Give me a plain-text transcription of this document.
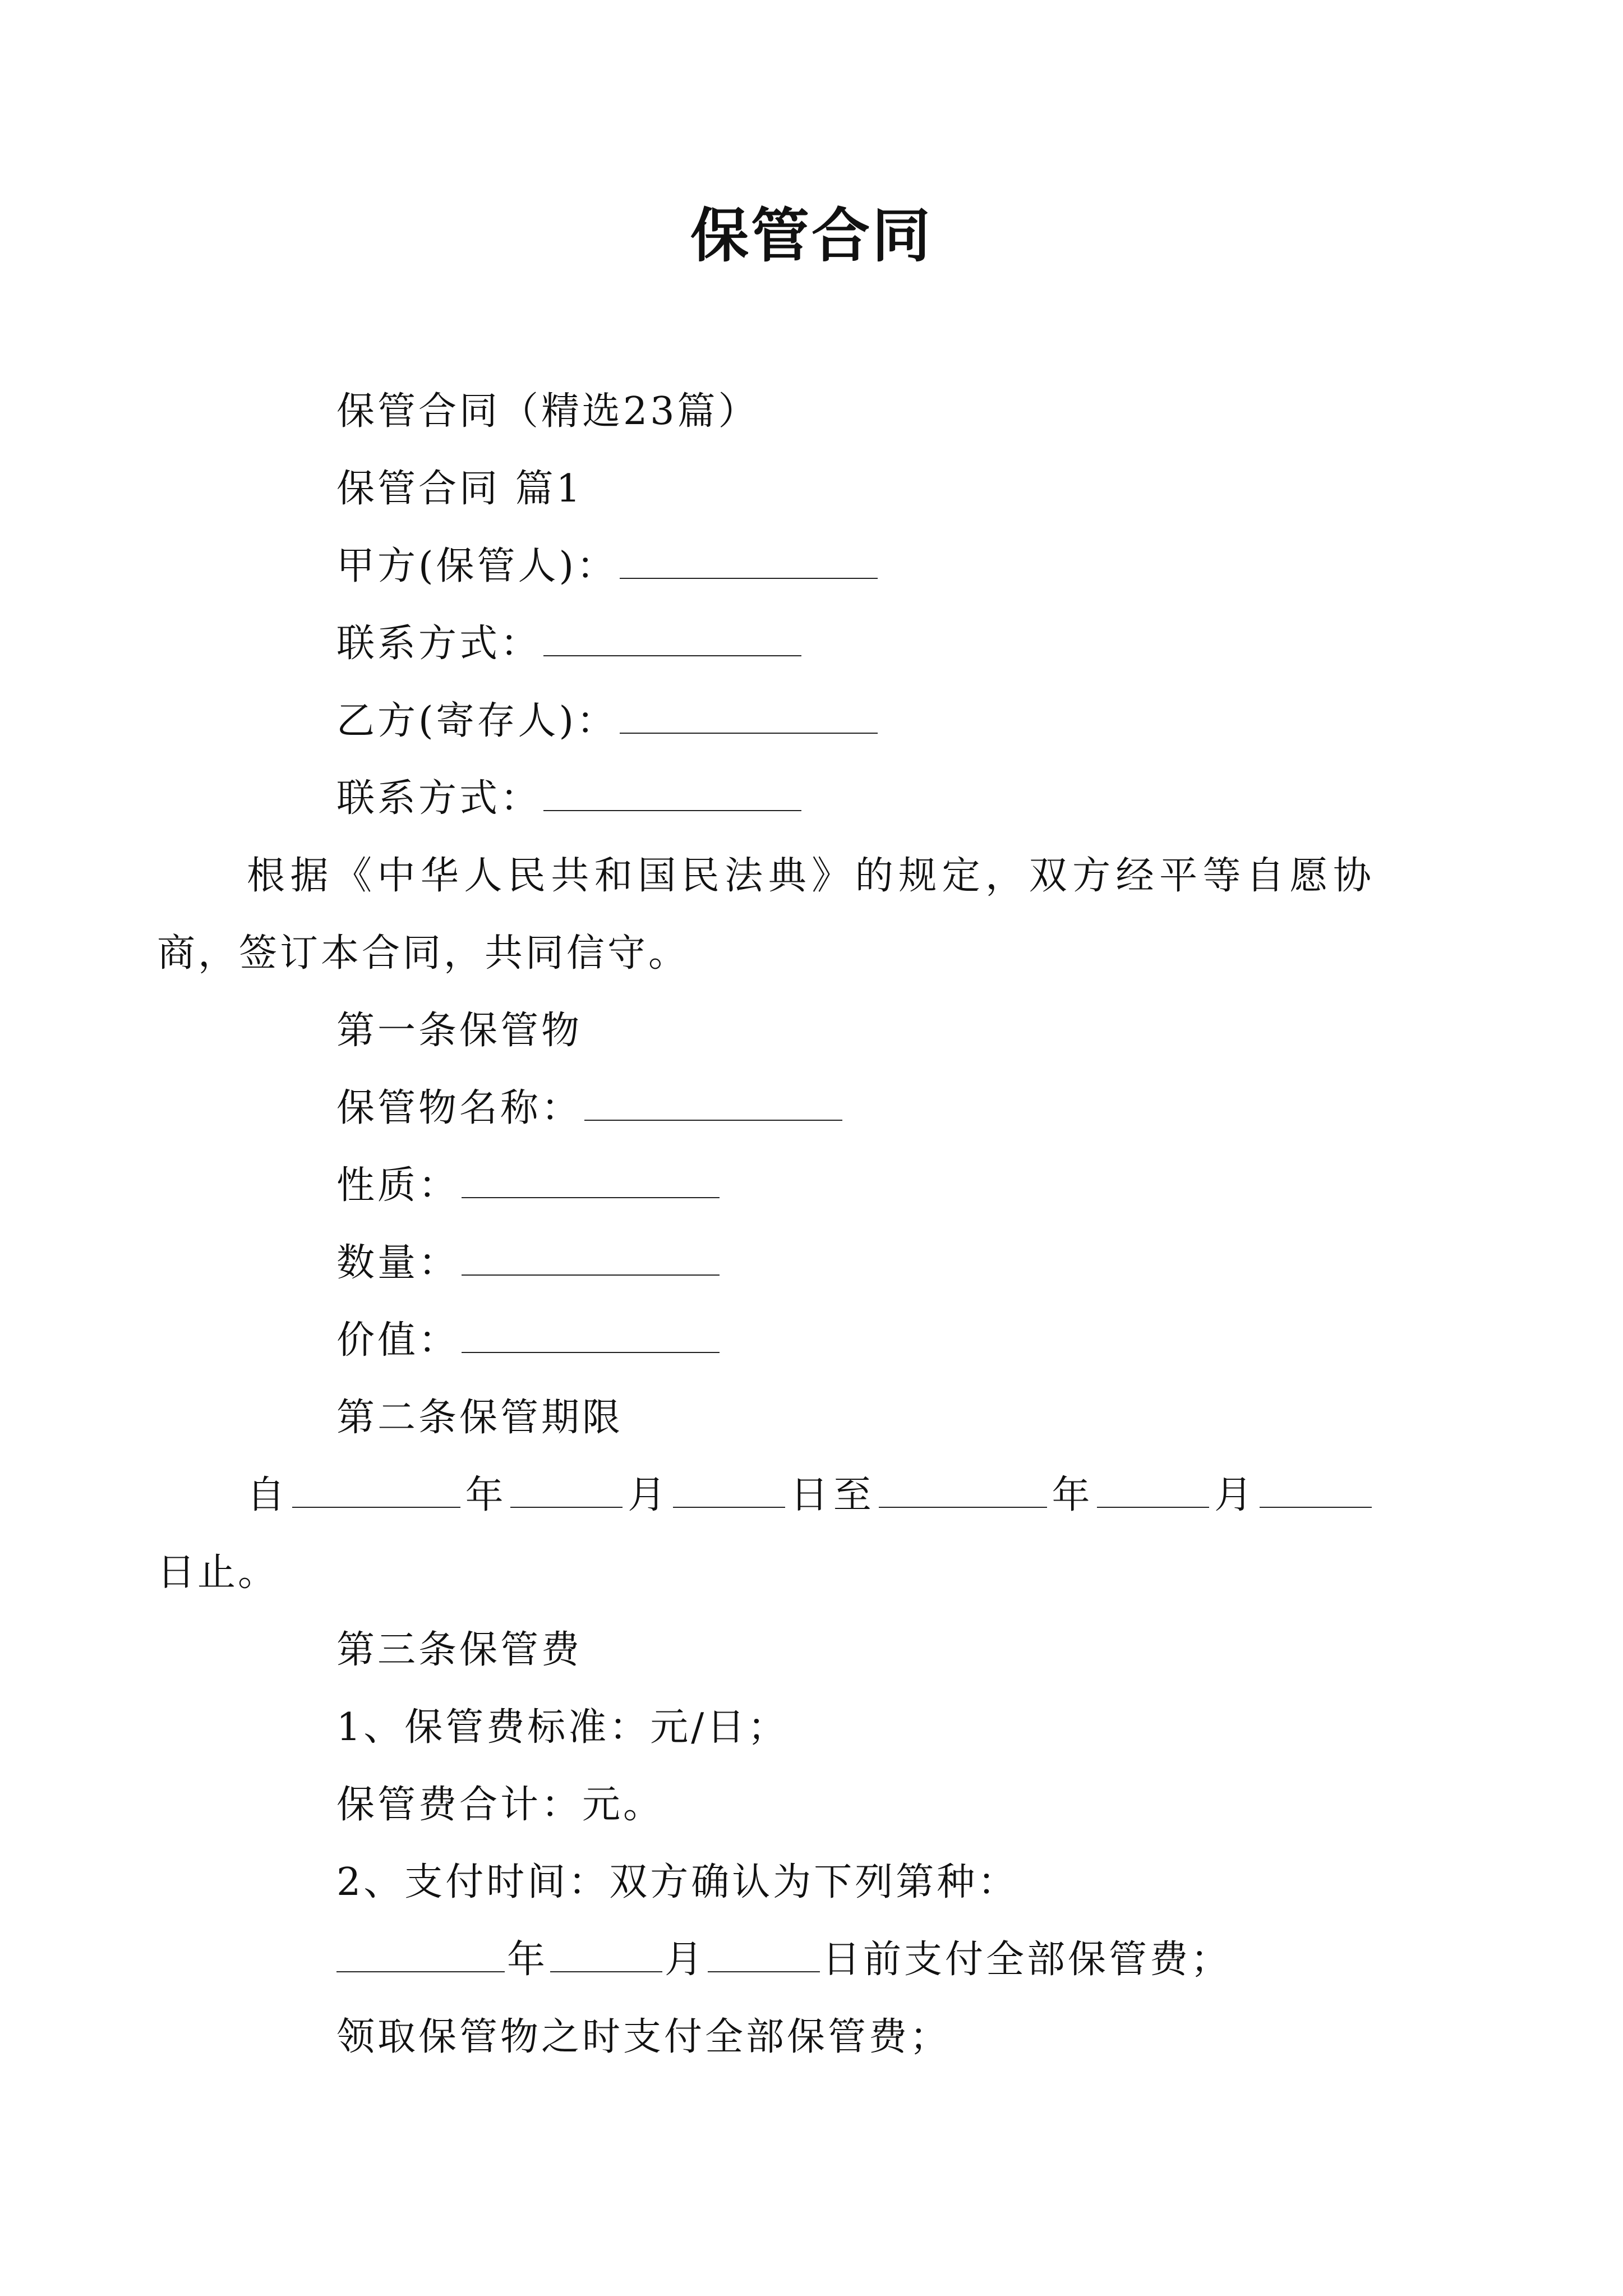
保管合同

保管合同（精选23篇）

保管合同 篇1

甲方(保管人)：

联系方式：

乙方(寄存人)：

联系方式：

根据《中华人民共和国民法典》的规定，双方经平等自愿协商，签订本合同，共同信守。

第一条保管物

保管物名称：

性质：

数量：

价值：

第二条保管期限

自	年	月	日至	年	月日止。

第三条保管费

1、保管费标准：元/日；

保管费合计：元。

2、支付时间：双方确认为下列第种：

年	月	日前支付全部保管费；

领取保管物之时支付全部保管费；
